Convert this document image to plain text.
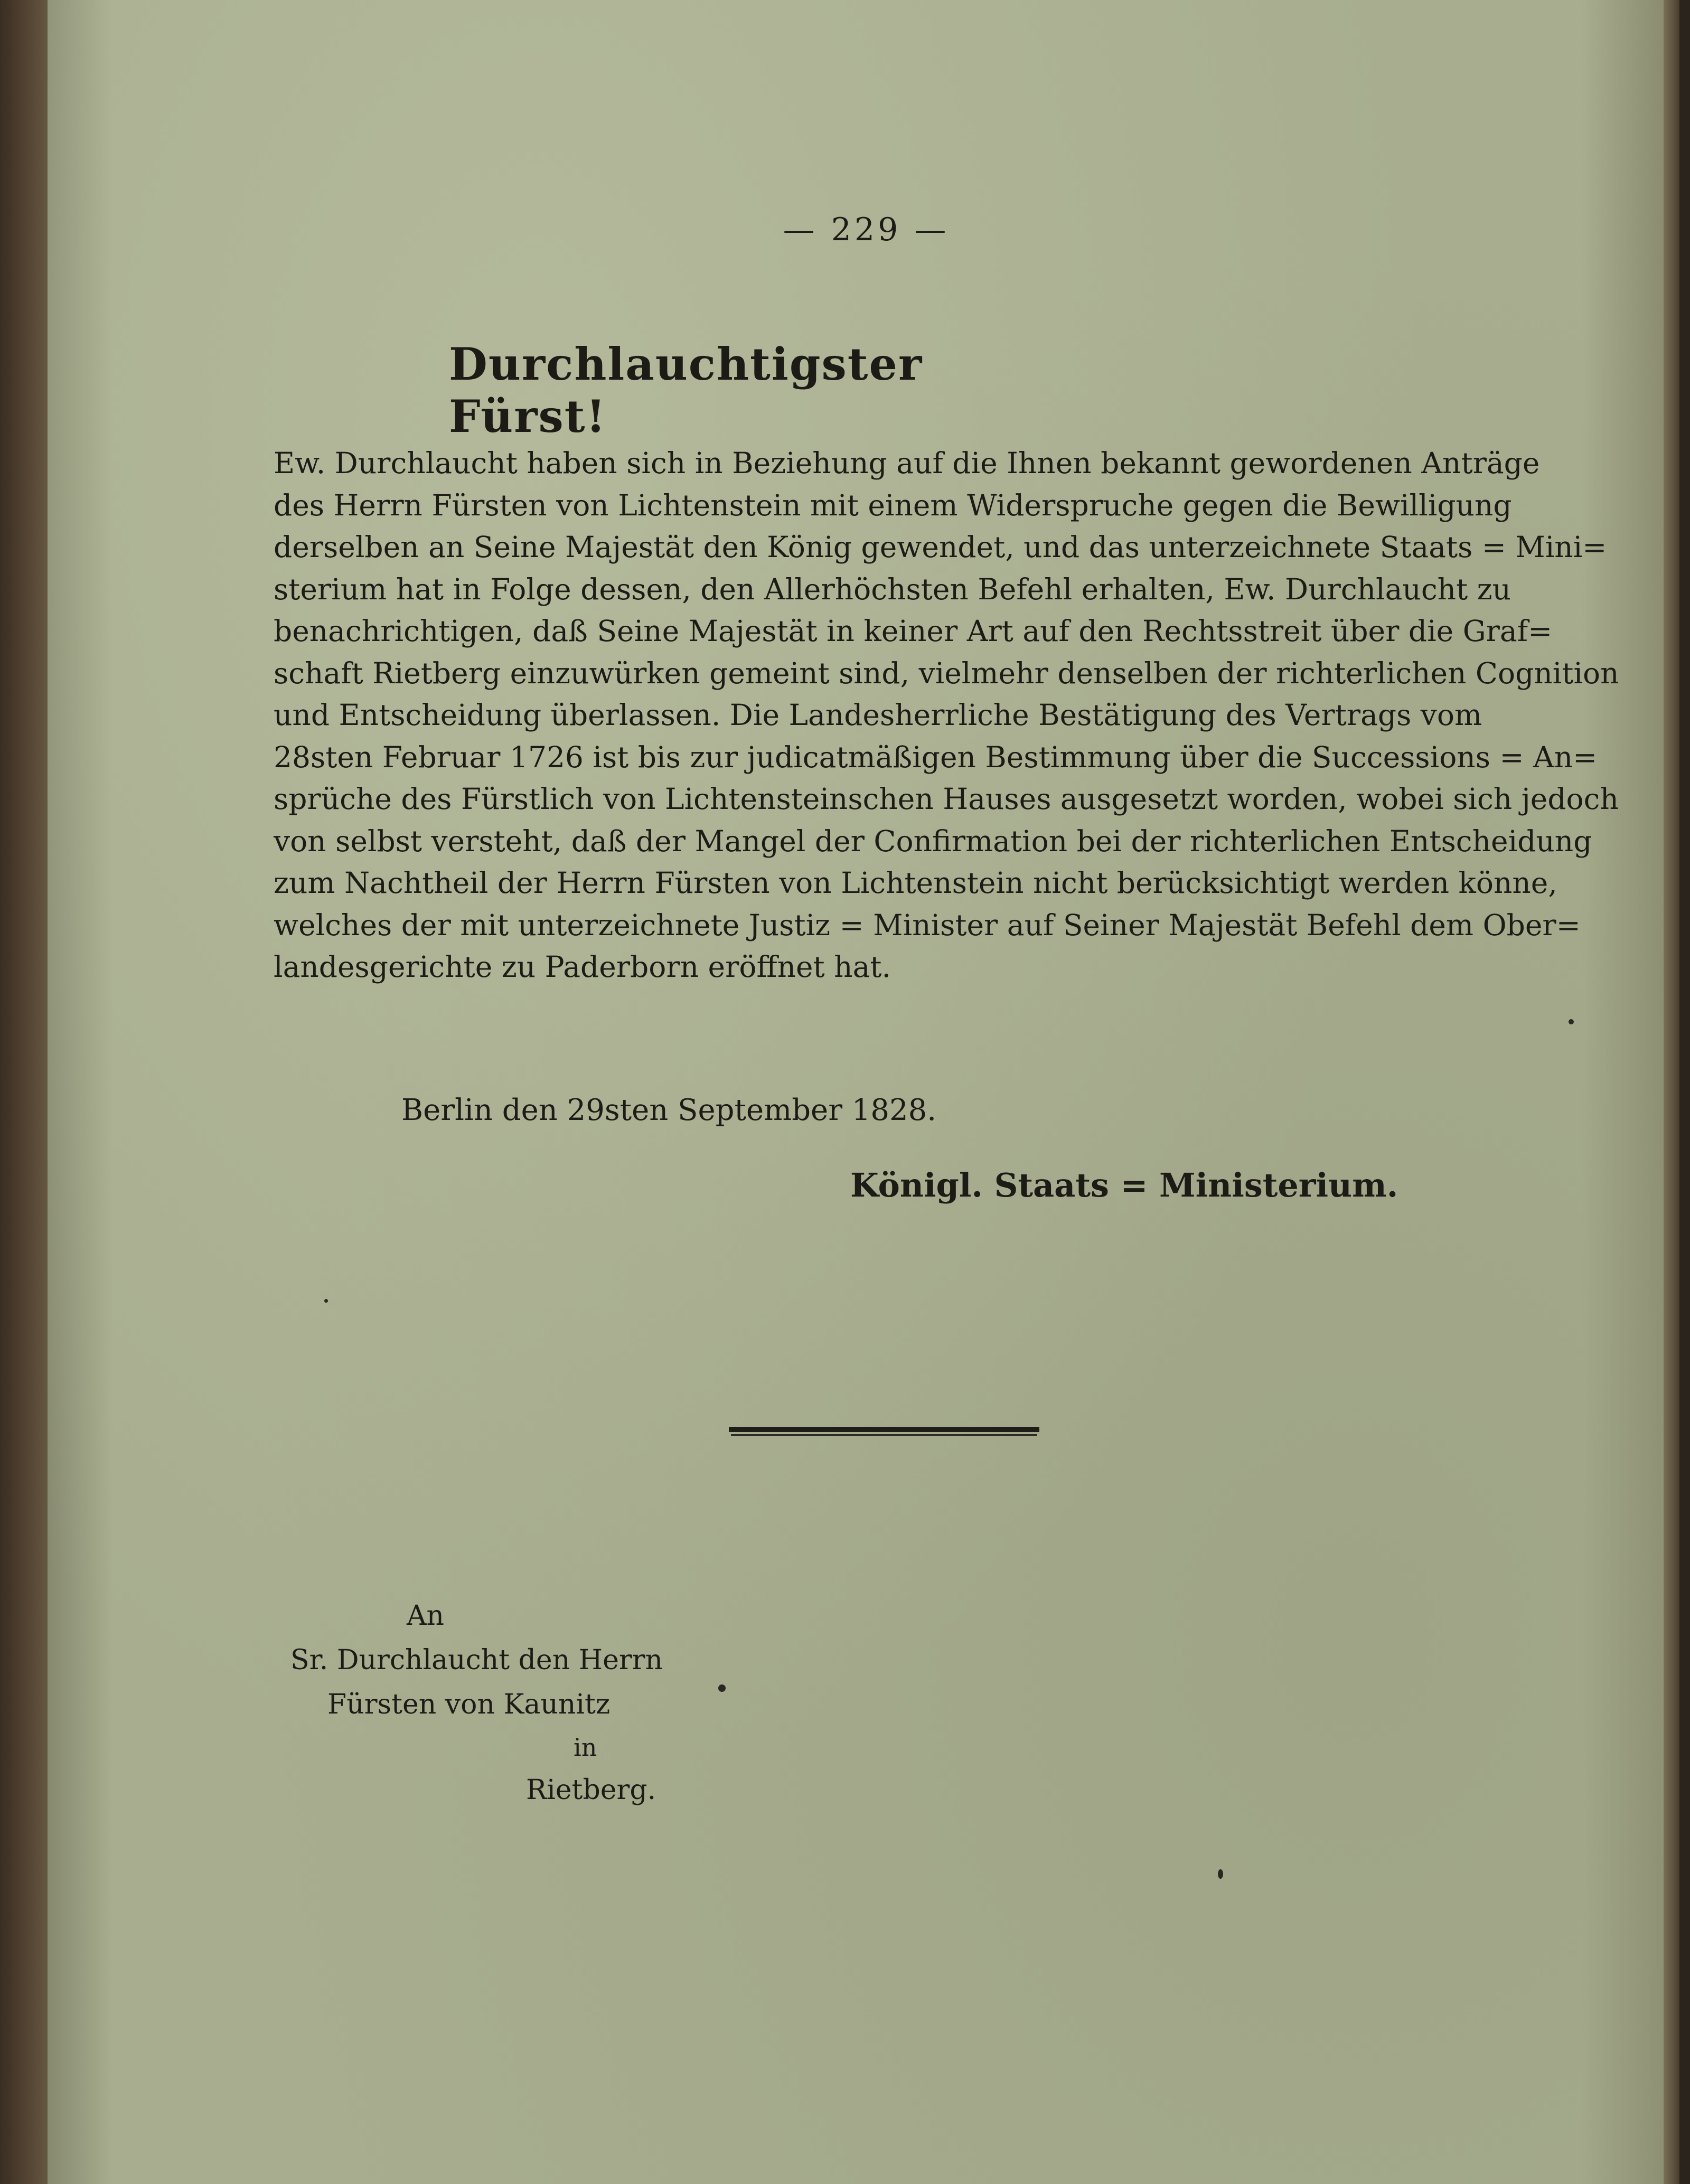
— 229 —
Durchlauchtigster Fürst!
Ew. Durchlaucht haben sich in Beziehung auf die Ihnen bekannt gewordenen Anträge
des Herrn Fürsten von Lichtenstein mit einem Widerspruche gegen die Bewilligung
derselben an Seine Majestät den König gewendet, und das unterzeichnete Staats = Mini=
sterium hat in Folge dessen, den Allerhöchsten Befehl erhalten, Ew. Durchlaucht zu
benachrichtigen, daß Seine Majestät in keiner Art auf den Rechtsstreit über die Graf=
schaft Rietberg einzuwürken gemeint sind, vielmehr denselben der richterlichen Cognition
und Entscheidung überlassen. Die Landesherrliche Bestätigung des Vertrags vom
28sten Februar 1726 ist bis zur judicatmäßigen Bestimmung über die Successions = An=
sprüche des Fürstlich von Lichtensteinschen Hauses ausgesetzt worden, wobei sich jedoch
von selbst versteht, daß der Mangel der Confirmation bei der richterlichen Entscheidung
zum Nachtheil der Herrn Fürsten von Lichtenstein nicht berücksichtigt werden könne,
welches der mit unterzeichnete Justiz = Minister auf Seiner Majestät Befehl dem Ober=
landesgerichte zu Paderborn eröffnet hat.
Berlin den 29sten September 1828.
Königl. Staats = Ministerium.
An
Sr. Durchlaucht den Herrn
Fürsten von Kaunitz
in
Rietberg.
